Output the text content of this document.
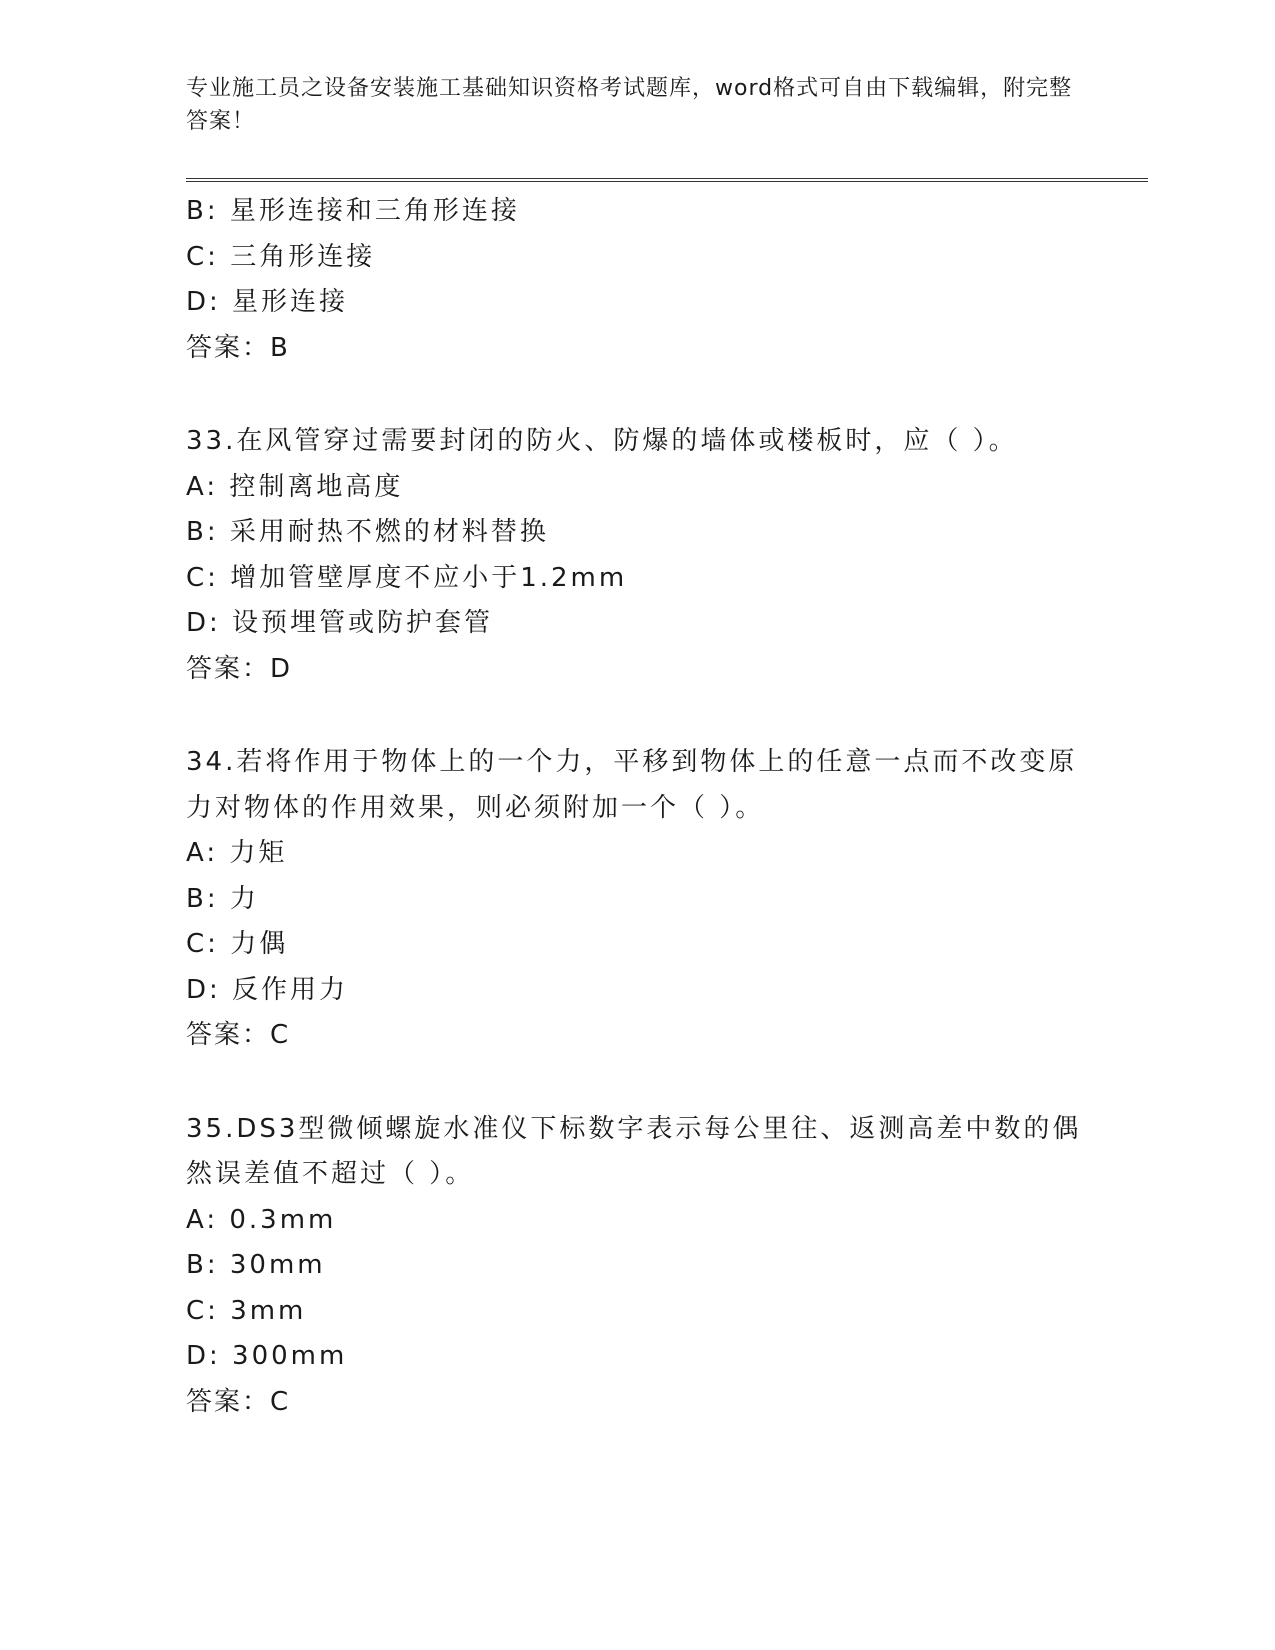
专业施工员之设备安装施工基础知识资格考试题库，word格式可自由下载编辑，附完整答案！
B: 星形连接和三角形连接
C: 三角形连接
D: 星形连接
答案：B
33.在风管穿过需要封闭的防火、防爆的墙体或楼板时，应（ ）。
A: 控制离地高度
B: 采用耐热不燃的材料替换
C: 增加管壁厚度不应小于1.2mm
D: 设预埋管或防护套管
答案：D
34.若将作用于物体上的一个力，平移到物体上的任意一点而不改变原
力对物体的作用效果，则必须附加一个（ ）。
A: 力矩
B: 力
C: 力偶
D: 反作用力
答案：C
35.DS3型微倾螺旋水准仪下标数字表示每公里往、返测高差中数的偶
然误差值不超过（ ）。
A: 0.3mm
B: 30mm
C: 3mm
D: 300mm
答案：C
